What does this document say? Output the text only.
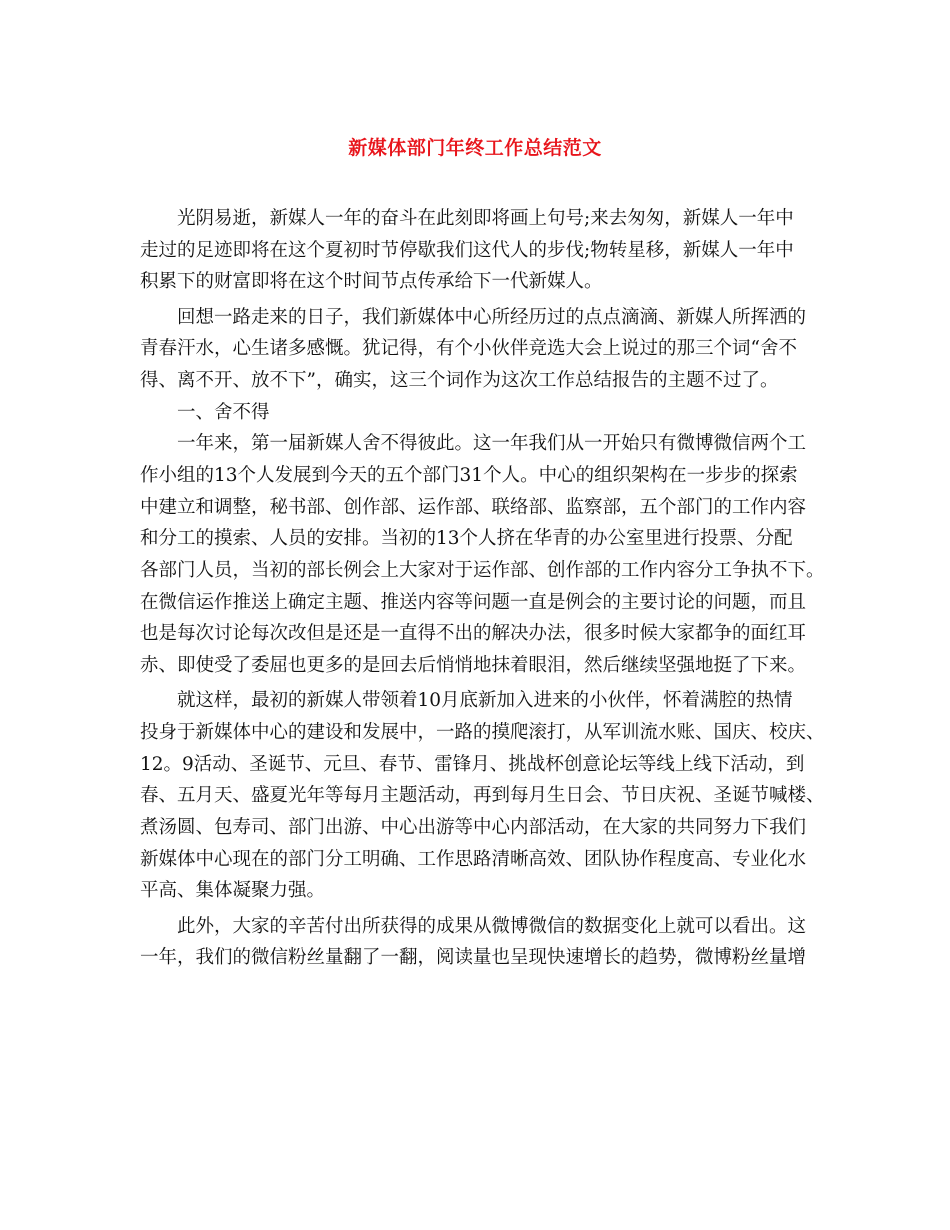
新媒体部门年终工作总结范文
光阴易逝，新媒人一年的奋斗在此刻即将画上句号;来去匆匆，新媒人一年中
走过的足迹即将在这个夏初时节停歇我们这代人的步伐;物转星移，新媒人一年中
积累下的财富即将在这个时间节点传承给下一代新媒人。
回想一路走来的日子，我们新媒体中心所经历过的点点滴滴、新媒人所挥洒的
青春汗水，心生诸多感慨。犹记得，有个小伙伴竞选大会上说过的那三个词“舍不
得、离不开、放不下”，确实，这三个词作为这次工作总结报告的主题不过了。
一、舍不得
一年来，第一届新媒人舍不得彼此。这一年我们从一开始只有微博微信两个工
作小组的13个人发展到今天的五个部门31个人。中心的组织架构在一步步的探索
中建立和调整，秘书部、创作部、运作部、联络部、监察部，五个部门的工作内容
和分工的摸索、人员的安排。当初的13个人挤在华青的办公室里进行投票、分配
各部门人员，当初的部长例会上大家对于运作部、创作部的工作内容分工争执不下。
在微信运作推送上确定主题、推送内容等问题一直是例会的主要讨论的问题，而且
也是每次讨论每次改但是还是一直得不出的解决办法，很多时候大家都争的面红耳
赤、即使受了委屈也更多的是回去后悄悄地抹着眼泪，然后继续坚强地挺了下来。
就这样，最初的新媒人带领着10月底新加入进来的小伙伴，怀着满腔的热情
投身于新媒体中心的建设和发展中，一路的摸爬滚打，从军训流水账、国庆、校庆、
12。9活动、圣诞节、元旦、春节、雷锋月、挑战杯创意论坛等线上线下活动，到
春、五月天、盛夏光年等每月主题活动，再到每月生日会、节日庆祝、圣诞节喊楼、
煮汤圆、包寿司、部门出游、中心出游等中心内部活动，在大家的共同努力下我们
新媒体中心现在的部门分工明确、工作思路清晰高效、团队协作程度高、专业化水
平高、集体凝聚力强。
此外，大家的辛苦付出所获得的成果从微博微信的数据变化上就可以看出。这
一年，我们的微信粉丝量翻了一翻，阅读量也呈现快速增长的趋势，微博粉丝量增
